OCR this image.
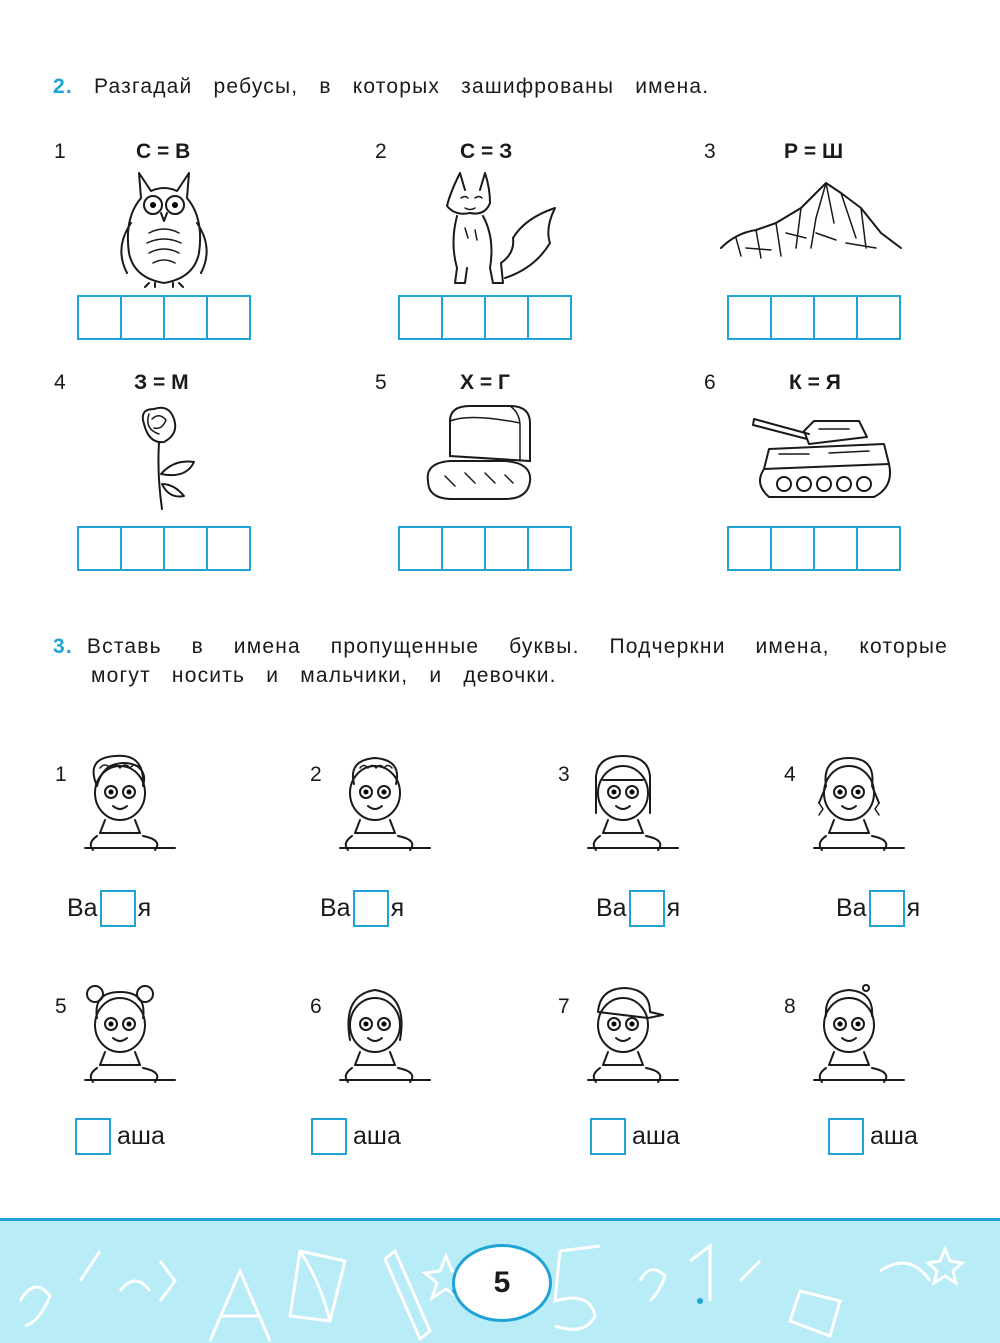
2. Разгадай ребусы, в которых зашифрованы имена.
1	С = В	2	С = З	3	Р = Ш
4	З = М	5	Х = Г	6	К = Я
3. Вставь в имена пропущенные буквы. Подчеркни имена, которые
могут носить и мальчики, и девочки.
1
Ва я
2
Ва я
3
Ва я
4
Ва я
5
аша
6
аша
7
аша
8
аша
5
